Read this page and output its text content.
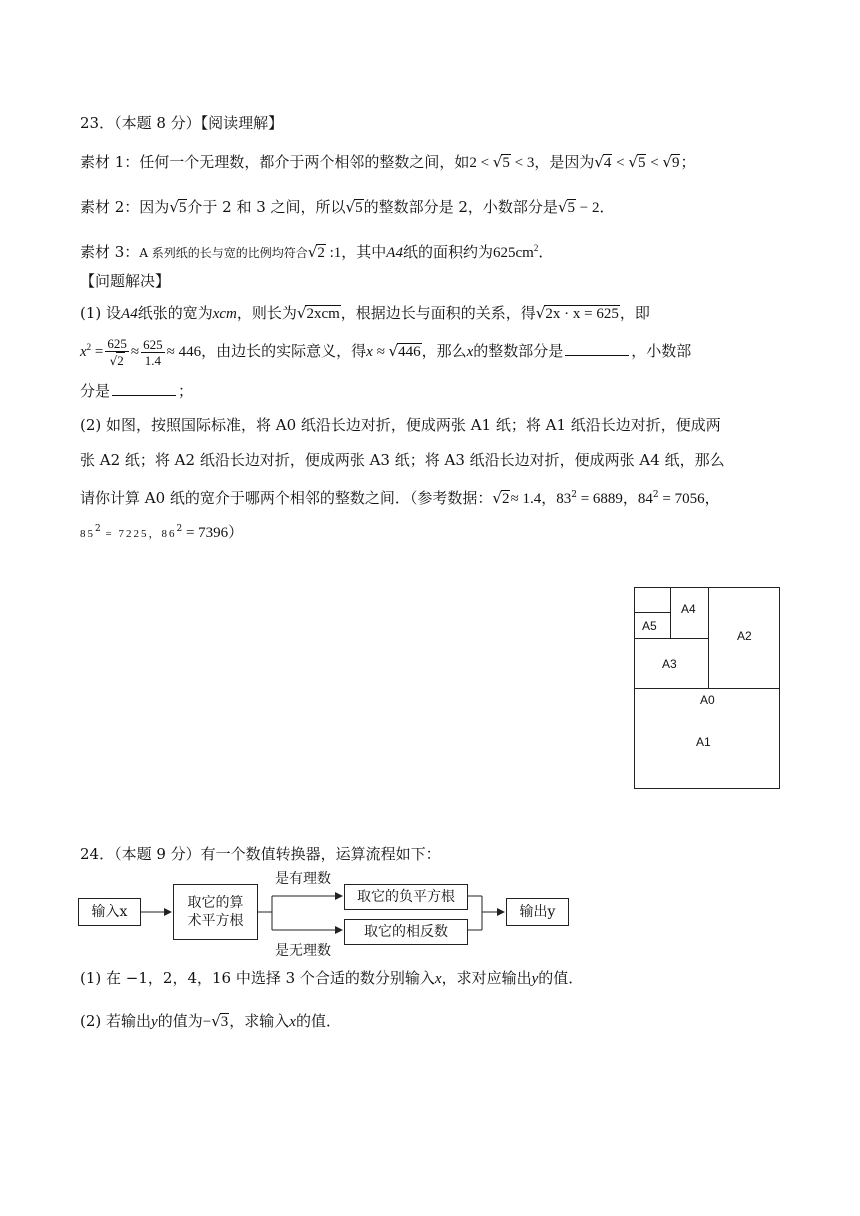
23．（本题 8 分）【阅读理解】
素材 1：任何一个无理数，都介于两个相邻的整数之间，如2 < √5 < 3，是因为√4 < √5 < √9；
素材 2：因为√5介于 2 和 3 之间，所以√5的整数部分是 2，小数部分是√5 − 2．
素材 3：A 系列纸的长与宽的比例均符合√2 :1，其中A4纸的面积约为$625cm^2$．
【问题解决】
(1) 设A4纸张的宽为xcm，则长为√2xcm，根据边长与面积的关系，得√2x · x = 625，即
$x^2 = \frac{625}{√2} \approx \frac{625}{1.4} \approx 446$，由边长的实际意义，得x ≈ √446，那么x的整数部分是	，小数部
分是	；
(2) 如图，按照国际标准，将 A0 纸沿长边对折，便成两张 A1 纸；将 A1 纸沿长边对折，便成两
张 A2 纸；将 A2 纸沿长边对折，便成两张 A3 纸；将 A3 纸沿长边对折，便成两张 A4 纸，那么
请你计算 A0 纸的宽介于哪两个相邻的整数之间．（参考数据：√2≈ 1.4，$83^2 = 6889$，$84^2 = 7056$，
$85^2 = 7225$，$86^2 = 7396$）
A0
A1
A2
A3
A4
A5
24．（本题 9 分）有一个数值转换器，运算流程如下：
输入x
取它的算
术平方根
是有理数
是无理数
取它的负平方根
取它的相反数
输出y
(1) 在 −1，2，4，16 中选择 3 个合适的数分别输入x，求对应输出y的值．
(2) 若输出y的值为−√3，求输入x的值．
